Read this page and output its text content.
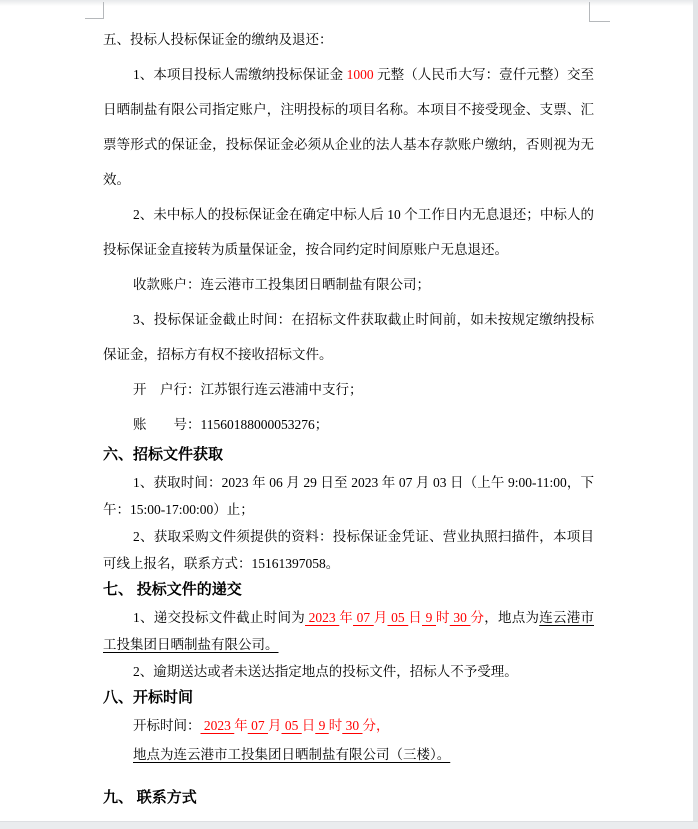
五、投标人投标保证金的缴纳及退还：

1、本项目投标人需缴纳投标保证金 1000 元整（人民币大写：壹仟元整）交至日晒制盐有限公司指定账户，注明投标的项目名称。本项目不接受现金、支票、汇票等形式的保证金，投标保证金必须从企业的法人基本存款账户缴纳，否则视为无效。

2、未中标人的投标保证金在确定中标人后 10 个工作日内无息退还；中标人的投标保证金直接转为质量保证金，按合同约定时间原账户无息退还。

收款账户：连云港市工投集团日晒制盐有限公司；

3、投标保证金截止时间：在招标文件获取截止时间前，如未按规定缴纳投标保证金，招标方有权不接收招标文件。

开　户行：江苏银行连云港浦中支行；

账　　号：11560188000053276；

六、招标文件获取

1、获取时间：2023 年 06 月 29 日至 2023 年 07 月 03 日（上午 9:00-11:00，下午：15:00-17:00:00）止；

2、获取采购文件须提供的资料：投标保证金凭证、营业执照扫描件，本项目可线上报名，联系方式：15161397058。

七、 投标文件的递交

1、递交投标文件截止时间为 2023 年 07 月 05 日 9 时 30 分，地点为连云港市工投集团日晒制盐有限公司。

2、逾期送达或者未送达指定地点的投标文件，招标人不予受理。

八、开标时间

开标时间： 2023 年 07 月 05 日 9 时 30 分，

地点为连云港市工投集团日晒制盐有限公司（三楼）。

九、 联系方式
